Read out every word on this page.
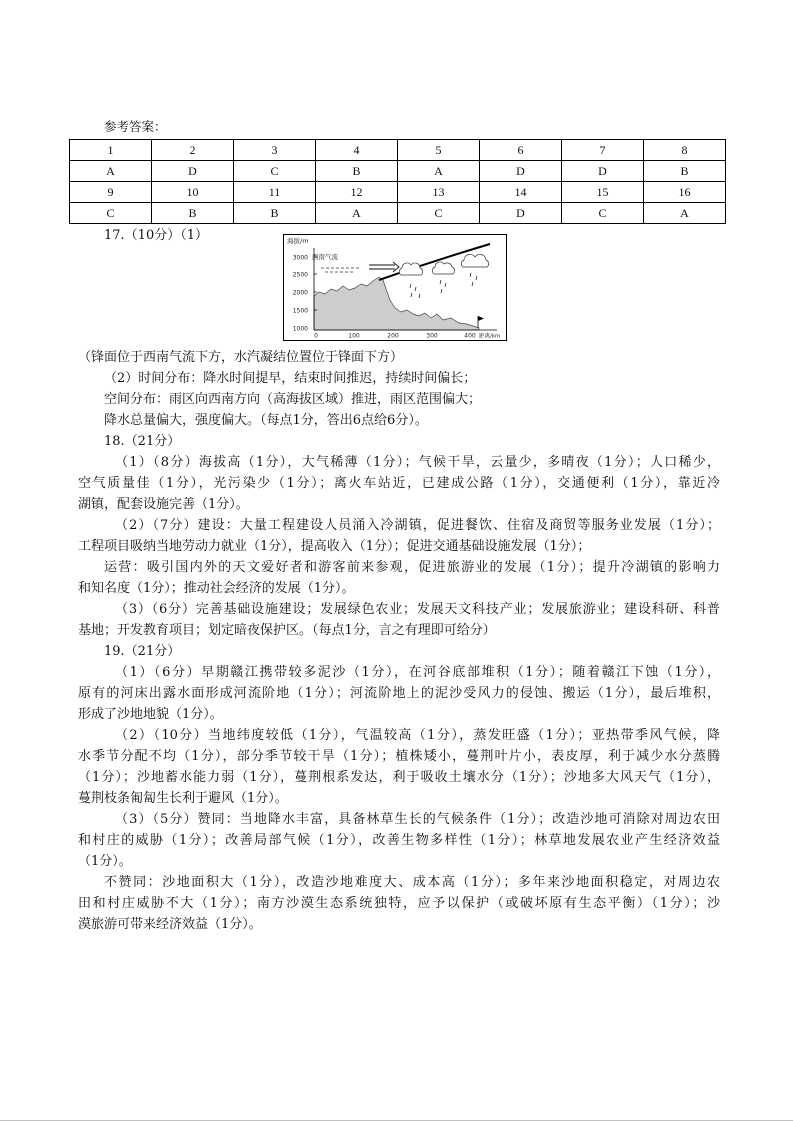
参考答案：
1	2	3	4	5	6	7	8
A	D	C	B	A	D	D	B
9	10	11	12	13	14	15	16
C	B	B	A	C	D	C	A
17.（10分）（1）	海拔/m
3000
2500
2000
1500
1000
0	100	200	300	400 距离/km
西南气流
（锋面位于西南气流下方，水汽凝结位置位于锋面下方）
（2）时间分布：降水时间提早，结束时间推迟，持续时间偏长；
空间分布：雨区向西南方向（高海拔区域）推进，雨区范围偏大；
降水总量偏大，强度偏大。（每点1分，答出6点给6分）。
18.（21分）
（1）（8分）海拔高（1分），大气稀薄（1分）；气候干旱，云量少，多晴夜（1分）；人口稀少，
空气质量佳（1分），光污染少（1分）；离火车站近，已建成公路（1分），交通便利（1分），靠近冷
湖镇，配套设施完善（1分）。
（2）（7分）建设：大量工程建设人员涌入冷湖镇，促进餐饮、住宿及商贸等服务业发展（1分）；
工程项目吸纳当地劳动力就业（1分），提高收入（1分）；促进交通基础设施发展（1分）；
运营：吸引国内外的天文爱好者和游客前来参观，促进旅游业的发展（1分）；提升冷湖镇的影响力
和知名度（1分）；推动社会经济的发展（1分）。
（3）（6分）完善基础设施建设；发展绿色农业；发展天文科技产业；发展旅游业；建设科研、科普
基地；开发教育项目；划定暗夜保护区。（每点1分，言之有理即可给分）
19.（21分）
（1）（6分）早期赣江携带较多泥沙（1分），在河谷底部堆积（1分）；随着赣江下蚀（1分），
原有的河床出露水面形成河流阶地（1分）；河流阶地上的泥沙受风力的侵蚀、搬运（1分），最后堆积，
形成了沙地地貌（1分）。
（2）（10分）当地纬度较低（1分），气温较高（1分），蒸发旺盛（1分）；亚热带季风气候，降
水季节分配不均（1分），部分季节较干旱（1分）；植株矮小，蔓荆叶片小，表皮厚，利于减少水分蒸腾
（1分）；沙地蓄水能力弱（1分），蔓荆根系发达，利于吸收土壤水分（1分）；沙地多大风天气（1分），
蔓荆枝条匍匐生长利于避风（1分）。
（3）（5分）赞同：当地降水丰富，具备林草生长的气候条件（1分）；改造沙地可消除对周边农田
和村庄的威胁（1分）；改善局部气候（1分），改善生物多样性（1分）；林草地发展农业产生经济效益
（1分）。
不赞同：沙地面积大（1分），改造沙地难度大、成本高（1分）；多年来沙地面积稳定，对周边农
田和村庄威胁不大（1分）；南方沙漠生态系统独特，应予以保护（或破坏原有生态平衡）（1分）；沙
漠旅游可带来经济效益（1分）。
